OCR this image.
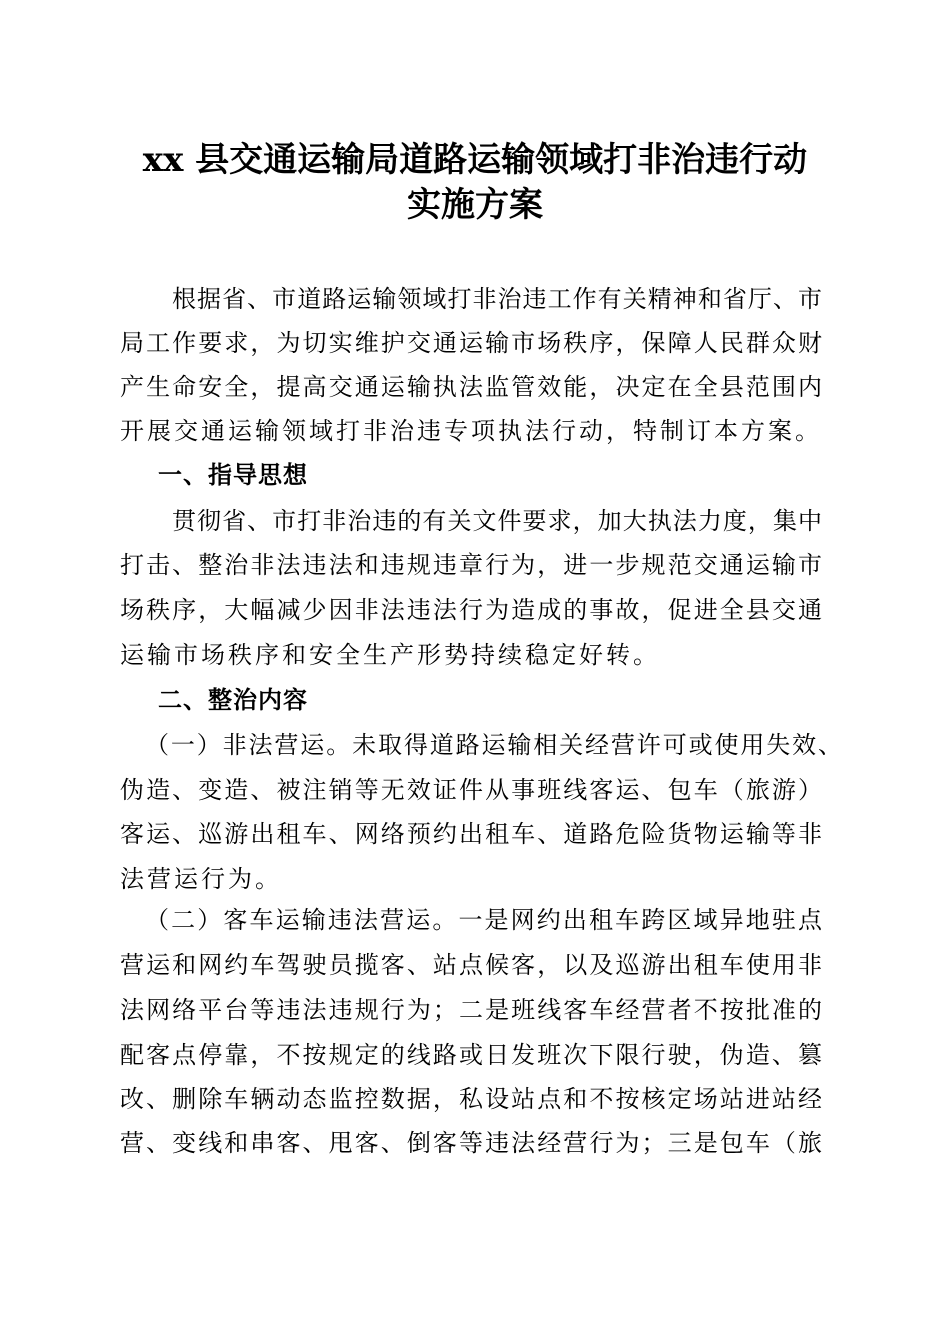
xx 县交通运输局道路运输领域打非治违行动
实施方案
根据省、市道路运输领域打非治违工作有关精神和省厅、市
局工作要求，为切实维护交通运输市场秩序，保障人民群众财
产生命安全，提高交通运输执法监管效能，决定在全县范围内
开展交通运输领域打非治违专项执法行动，特制订本方案。
一、指导思想
贯彻省、市打非治违的有关文件要求，加大执法力度，集中
打击、整治非法违法和违规违章行为，进一步规范交通运输市
场秩序，大幅减少因非法违法行为造成的事故，促进全县交通
运输市场秩序和安全生产形势持续稳定好转。
二、整治内容
（一）非法营运。未取得道路运输相关经营许可或使用失效、
伪造、变造、被注销等无效证件从事班线客运、包车（旅游）
客运、巡游出租车、网络预约出租车、道路危险货物运输等非
法营运行为。
（二）客车运输违法营运。一是网约出租车跨区域异地驻点
营运和网约车驾驶员揽客、站点候客，以及巡游出租车使用非
法网络平台等违法违规行为；二是班线客车经营者不按批准的
配客点停靠，不按规定的线路或日发班次下限行驶，伪造、篡
改、删除车辆动态监控数据，私设站点和不按核定场站进站经
营、变线和串客、甩客、倒客等违法经营行为；三是包车（旅
